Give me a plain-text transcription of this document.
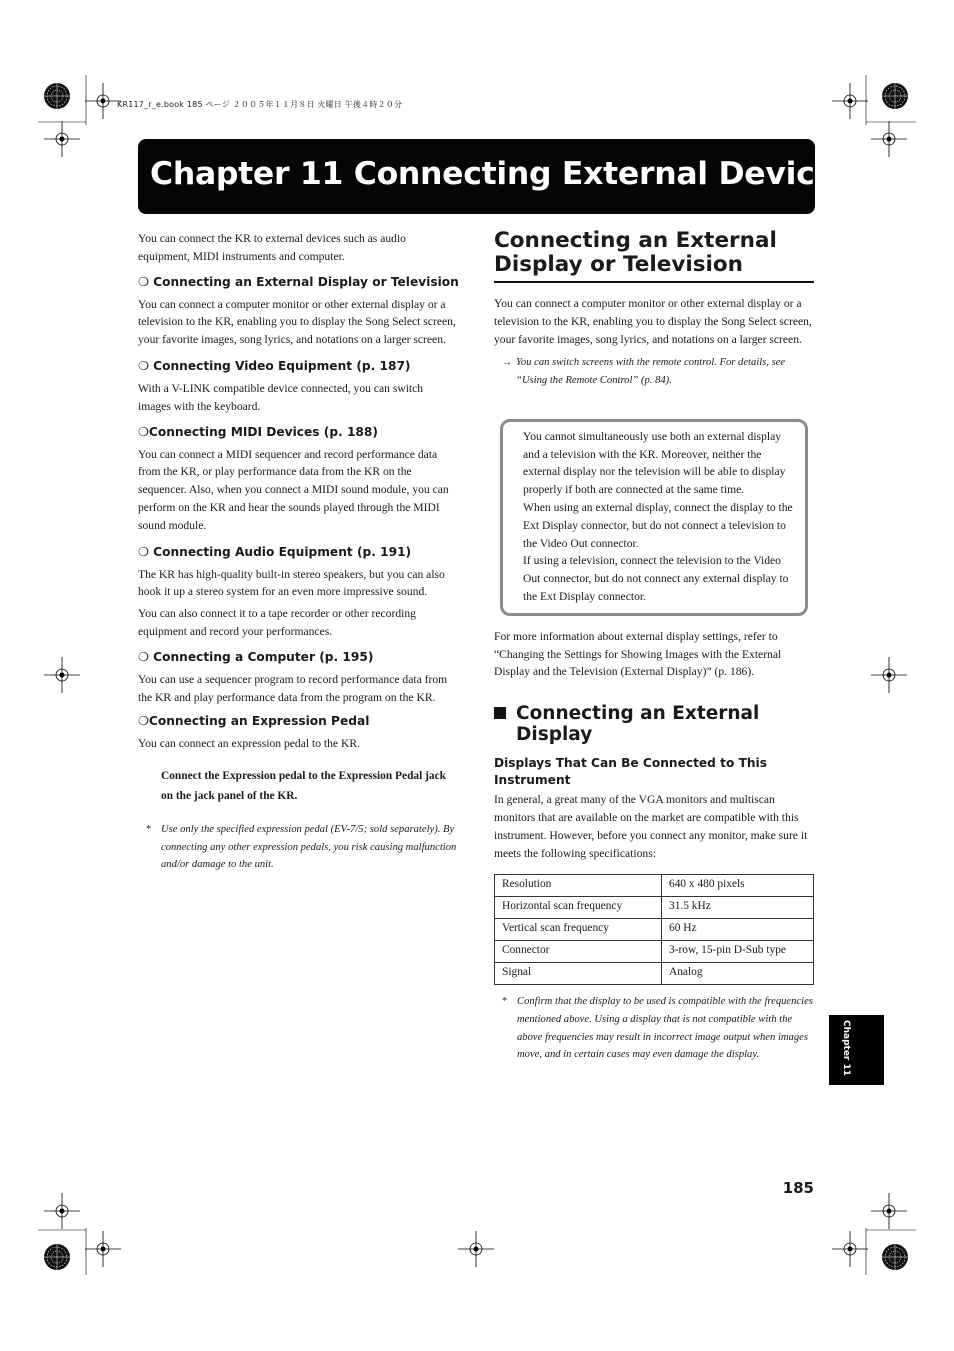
KR117_r_e.book 185 ページ ２００５年１１月８日 火曜日 午後４時２０分
Chapter 11 Connecting External Devices

You can connect the KR to external devices such as audio equipment, MIDI instruments and computer.

❍ Connecting an External Display or Television

You can connect a computer monitor or other external display or a television to the KR, enabling you to display the Song Select screen, your favorite images, song lyrics, and notations on a larger screen.

❍ Connecting Video Equipment (p. 187)

With a V-LINK compatible device connected, you can switch images with the keyboard.

❍Connecting MIDI Devices (p. 188)

You can connect a MIDI sequencer and record performance data from the KR, or play performance data from the KR on the sequencer. Also, when you connect a MIDI sound module, you can perform on the KR and hear the sounds played through the MIDI sound module.

❍ Connecting Audio Equipment (p. 191)

The KR has high-quality built-in stereo speakers, but you can also hook it up a stereo system for an even more impressive sound.

You can also connect it to a tape recorder or other recording equipment and record your performances.

❍ Connecting a Computer (p. 195)

You can use a sequencer program to record performance data from the KR and play performance data from the program on the KR.

❍Connecting an Expression Pedal

You can connect an expression pedal to the KR.

Connect the Expression pedal to the Expression Pedal jack on the jack panel of the KR.

* Use only the specified expression pedal (EV-7/5; sold separately). By connecting any other expression pedals, you risk causing malfunction and/or damage to the unit.

Connecting an External Display or Television

You can connect a computer monitor or other external display or a television to the KR, enabling you to display the Song Select screen, your favorite images, song lyrics, and notations on a larger screen.

→ You can switch screens with the remote control. For details, see “Using the Remote Control” (p. 84).

You cannot simultaneously use both an external display and a television with the KR. Moreover, neither the external display nor the television will be able to display properly if both are connected at the same time.

When using an external display, connect the display to the Ext Display connector, but do not connect a television to the Video Out connector.

If using a television, connect the television to the Video Out connector, but do not connect any external display to the Ext Display connector.

For more information about external display settings, refer to “Changing the Settings for Showing Images with the External Display and the Television (External Display)” (p. 186).

Connecting an External Display
Displays That Can Be Connected to This Instrument

In general, a great many of the VGA monitors and multiscan monitors that are available on the market are compatible with this instrument. However, before you connect any monitor, make sure it meets the following specifications:

Resolution	640 x 480 pixels
Horizontal scan frequency	31.5 kHz
Vertical scan frequency	60 Hz
Connector	3-row, 15-pin D-Sub type
Signal	Analog

* Confirm that the display to be used is compatible with the frequencies mentioned above. Using a display that is not compatible with the above frequencies may result in incorrect image output when images move, and in certain cases may even damage the display.	Chapter 11
185
